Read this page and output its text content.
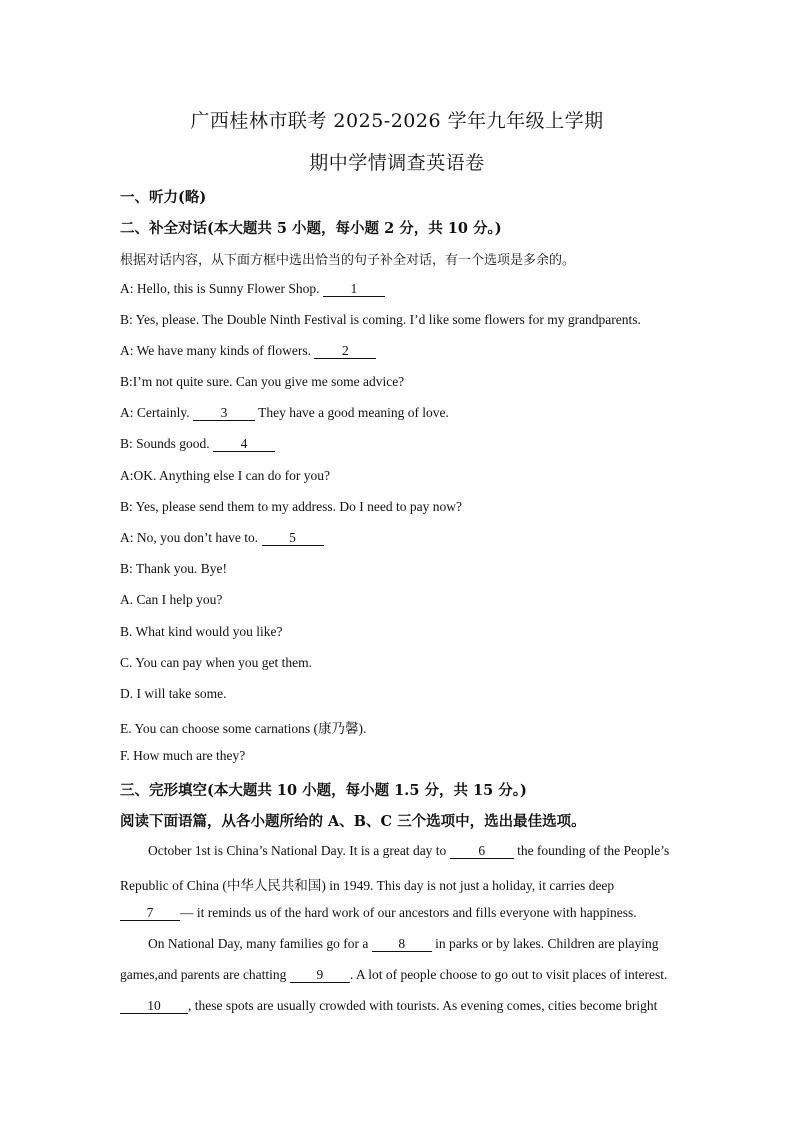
广西桂林市联考 2025-2026 学年九年级上学期
期中学情调查英语卷
一、听力(略)
二、补全对话(本大题共 5 小题，每小题 2 分，共 10 分。)
根据对话内容，从下面方框中选出恰当的句子补全对话，有一个选项是多余的。
A: Hello, this is Sunny Flower Shop. 1
B: Yes, please. The Double Ninth Festival is coming. I’d like some flowers for my grandparents.
A: We have many kinds of flowers. 2
B:I’m not quite sure. Can you give me some advice?
A: Certainly. 3 They have a good meaning of love.
B: Sounds good. 4
A:OK. Anything else I can do for you?
B: Yes, please send them to my address. Do I need to pay now?
A: No, you don’t have to. 5
B: Thank you. Bye!
A. Can I help you?
B. What kind would you like?
C. You can pay when you get them.
D. I will take some.
E. You can choose some carnations (康乃馨).
F. How much are they?
三、完形填空(本大题共 10 小题，每小题 1.5 分，共 15 分。)
阅读下面语篇，从各小题所给的 A、B、C 三个选项中，选出最佳选项。
October 1st is China’s National Day. It is a great day to 6 the founding of the People’s
Republic of China (中华人民共和国) in 1949. This day is not just a holiday, it carries deep
7 — it reminds us of the hard work of our ancestors and fills everyone with happiness.
On National Day, many families go for a 8 in parks or by lakes. Children are playing
games,and parents are chatting 9 . A lot of people choose to go out to visit places of interest.
10 , these spots are usually crowded with tourists. As evening comes, cities become bright
